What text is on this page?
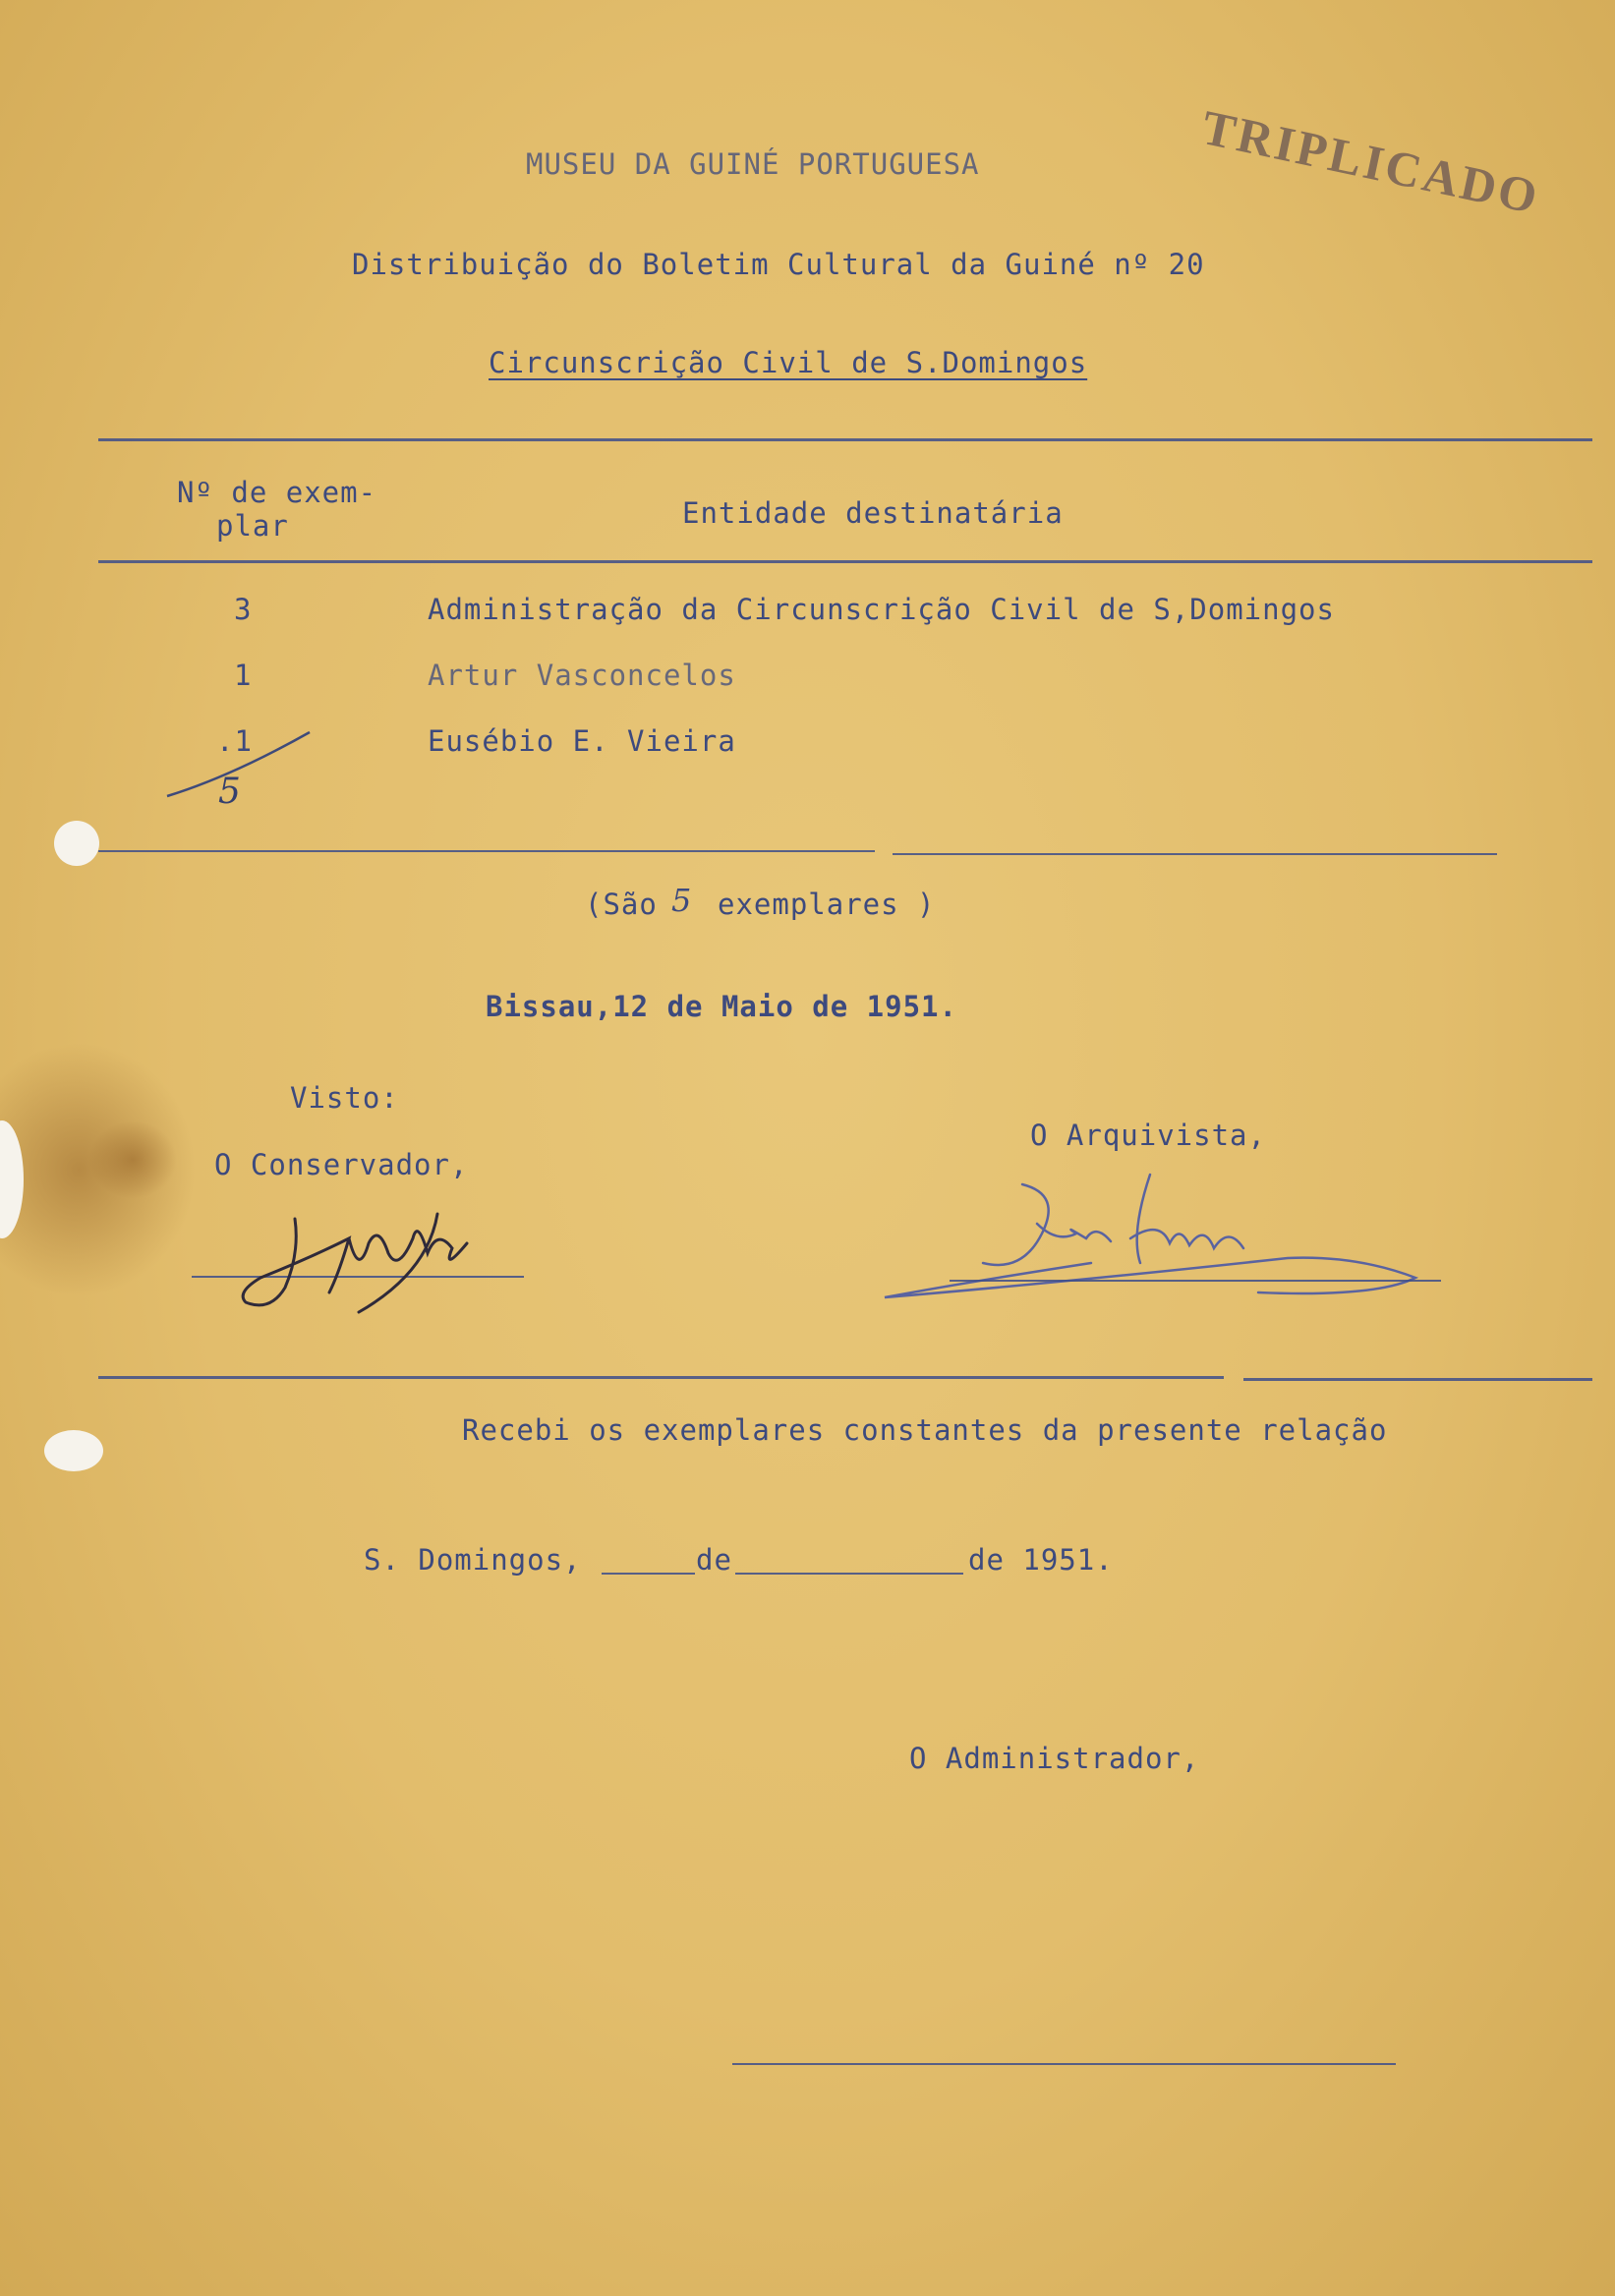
TRIPLICADO
MUSEU DA GUINÉ PORTUGUESA
Distribuição do Boletim Cultural da Guiné nº 20
Circunscrição Civil de S.Domingos
Nº de exem-
plar	Entidade destinatária
3	Administração da Circunscrição Civil de S,Domingos
1	Artur Vasconcelos
.1	Eusébio E. Vieira
5
(São 5 exemplares )
Bissau,12 de Maio de 1951.
Visto:
O Conservador,
O Arquivista,
Recebi os exemplares constantes da presente relação
S. Domingos,	de	de 1951.
O Administrador,
